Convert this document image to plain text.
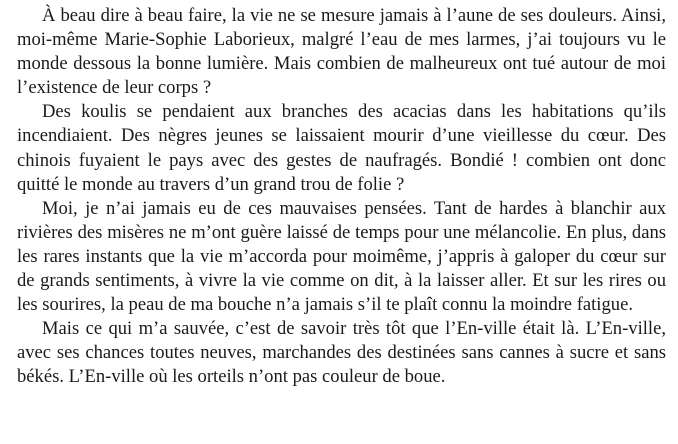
À beau dire à beau faire, la vie ne se mesure jamais à l’aune de ses douleurs. Ainsi, moi-même Marie-Sophie Laborieux, malgré l’eau de mes larmes, j’ai toujours vu le monde dessous la bonne lumière. Mais combien de malheureux ont tué autour de moi l’existence de leur corps ?

Des koulis se pendaient aux branches des acacias dans les habitations qu’ils incendiaient. Des nègres jeunes se laissaient mourir d’une vieillesse du cœur. Des chinois fuyaient le pays avec des gestes de naufragés. Bondié ! combien ont donc quitté le monde au travers d’un grand trou de folie ?

Moi, je n’ai jamais eu de ces mauvaises pensées. Tant de hardes à blanchir aux rivières des misères ne m’ont guère laissé de temps pour une mélancolie. En plus, dans les rares instants que la vie m’accorda pour moimême, j’appris à galoper du cœur sur de grands sentiments, à vivre la vie comme on dit, à la laisser aller. Et sur les rires ou les sourires, la peau de ma bouche n’a jamais s’il te plaît connu la moindre fatigue.

Mais ce qui m’a sauvée, c’est de savoir très tôt que l’En-ville était là. L’En-ville, avec ses chances toutes neuves, marchandes des destinées sans cannes à sucre et sans békés. L’En-ville où les orteils n’ont pas couleur de boue.
